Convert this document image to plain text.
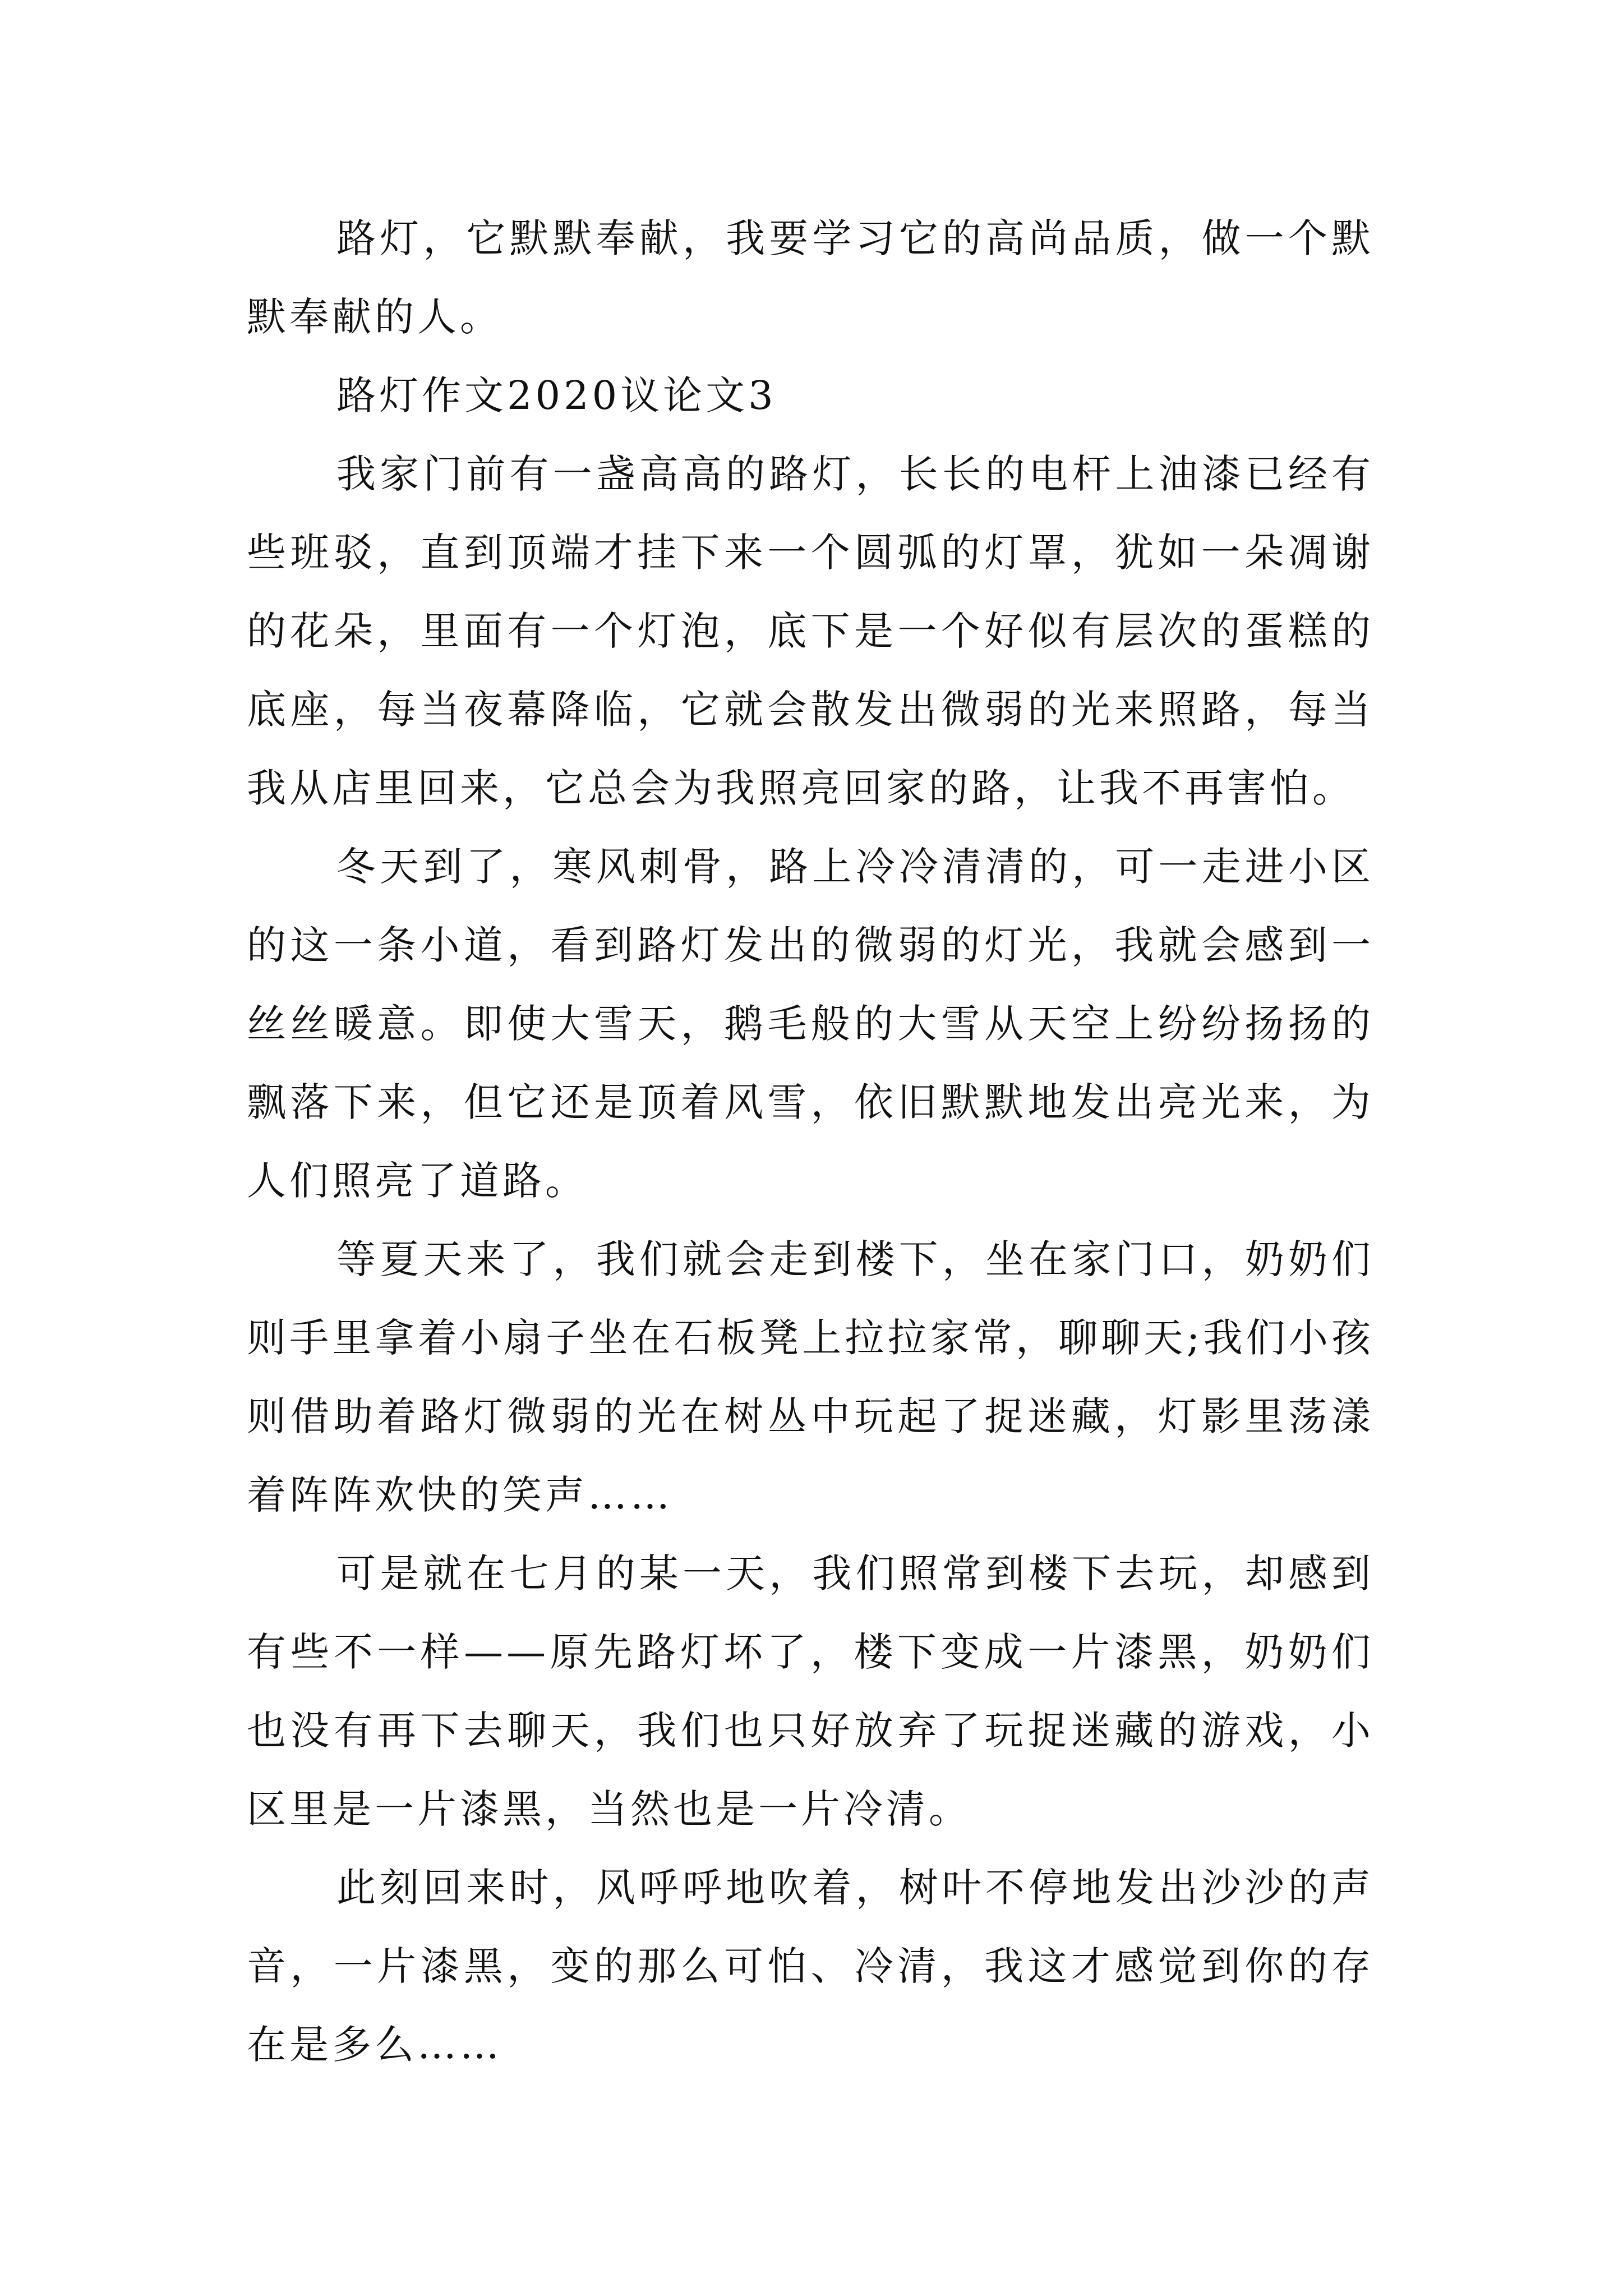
路灯，它默默奉献，我要学习它的高尚品质，做一个默默奉献的人。

路灯作文2020议论文3

我家门前有一盏高高的路灯，长长的电杆上油漆已经有些班驳，直到顶端才挂下来一个圆弧的灯罩，犹如一朵凋谢的花朵，里面有一个灯泡，底下是一个好似有层次的蛋糕的底座，每当夜幕降临，它就会散发出微弱的光来照路，每当我从店里回来，它总会为我照亮回家的路，让我不再害怕。

冬天到了，寒风刺骨，路上冷冷清清的，可一走进小区的这一条小道，看到路灯发出的微弱的灯光，我就会感到一丝丝暖意。即使大雪天，鹅毛般的大雪从天空上纷纷扬扬的飘落下来，但它还是顶着风雪，依旧默默地发出亮光来，为人们照亮了道路。

等夏天来了，我们就会走到楼下，坐在家门口，奶奶们则手里拿着小扇子坐在石板凳上拉拉家常，聊聊天;我们小孩则借助着路灯微弱的光在树丛中玩起了捉迷藏，灯影里荡漾着阵阵欢快的笑声……

可是就在七月的某一天，我们照常到楼下去玩，却感到有些不一样——原先路灯坏了，楼下变成一片漆黑，奶奶们也没有再下去聊天，我们也只好放弃了玩捉迷藏的游戏，小区里是一片漆黑，当然也是一片冷清。

此刻回来时，风呼呼地吹着，树叶不停地发出沙沙的声音，一片漆黑，变的那么可怕、冷清，我这才感觉到你的存在是多么……
